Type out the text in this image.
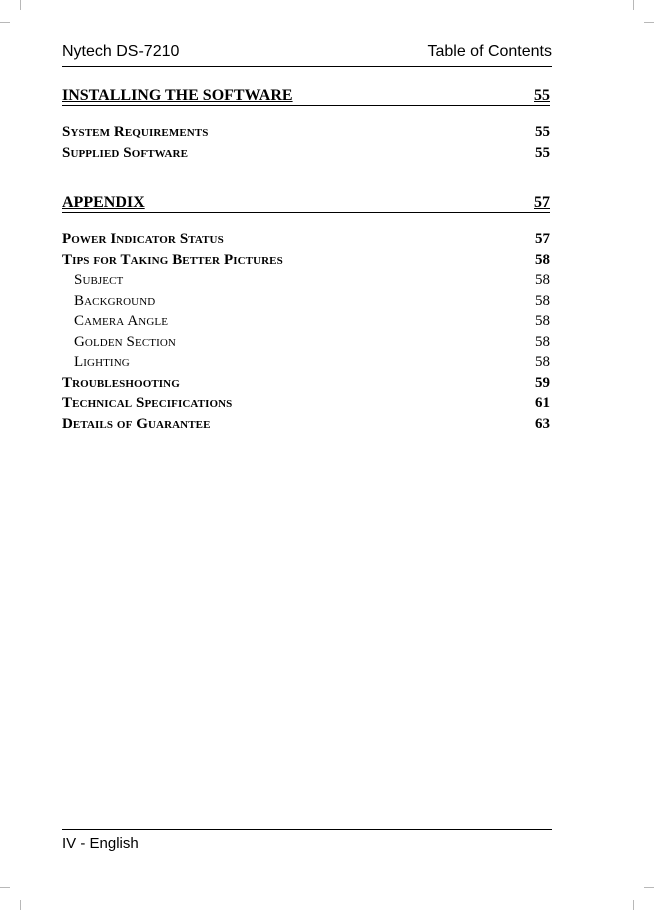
Nytech DS-7210	Table of Contents
INSTALLING THE SOFTWARE	55
System Requirements	55
Supplied Software	55
APPENDIX	57
Power Indicator Status	57
Tips for Taking Better Pictures	58
Subject	58
Background	58
Camera Angle	58
Golden Section	58
Lighting	58
Troubleshooting	59
Technical Specifications	61
Details of Guarantee	63
IV - English
